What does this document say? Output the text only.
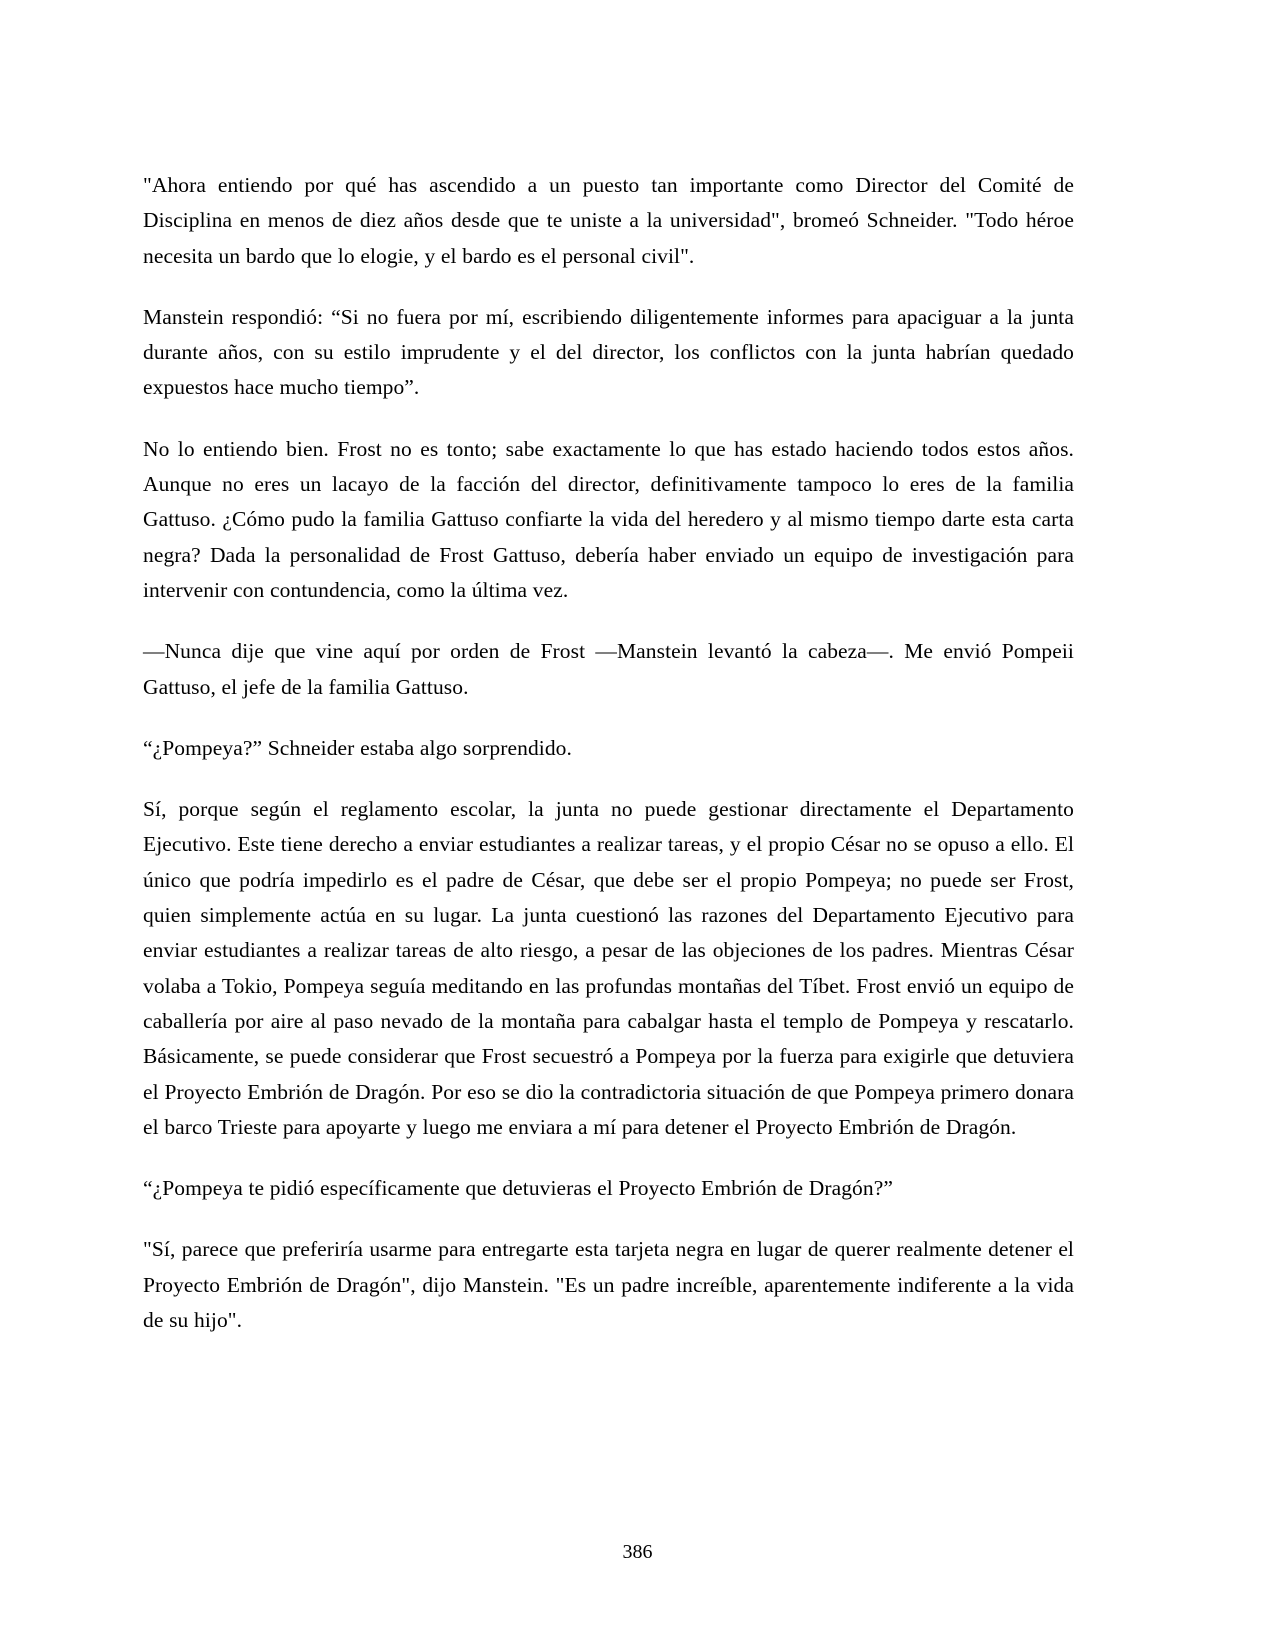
"Ahora entiendo por qué has ascendido a un puesto tan importante como Director del Comité de Disciplina en menos de diez años desde que te uniste a la universidad", bromeó Schneider. "Todo héroe necesita un bardo que lo elogie, y el bardo es el personal civil".

Manstein respondió: “Si no fuera por mí, escribiendo diligentemente informes para apaciguar a la junta durante años, con su estilo imprudente y el del director, los conflictos con la junta habrían quedado expuestos hace mucho tiempo”.

No lo entiendo bien. Frost no es tonto; sabe exactamente lo que has estado haciendo todos estos años. Aunque no eres un lacayo de la facción del director, definitivamente tampoco lo eres de la familia Gattuso. ¿Cómo pudo la familia Gattuso confiarte la vida del heredero y al mismo tiempo darte esta carta negra? Dada la personalidad de Frost Gattuso, debería haber enviado un equipo de investigación para intervenir con contundencia, como la última vez.

—Nunca dije que vine aquí por orden de Frost —Manstein levantó la cabeza—. Me envió Pompeii Gattuso, el jefe de la familia Gattuso.

“¿Pompeya?” Schneider estaba algo sorprendido.

Sí, porque según el reglamento escolar, la junta no puede gestionar directamente el Departamento Ejecutivo. Este tiene derecho a enviar estudiantes a realizar tareas, y el propio César no se opuso a ello. El único que podría impedirlo es el padre de César, que debe ser el propio Pompeya; no puede ser Frost, quien simplemente actúa en su lugar. La junta cuestionó las razones del Departamento Ejecutivo para enviar estudiantes a realizar tareas de alto riesgo, a pesar de las objeciones de los padres. Mientras César volaba a Tokio, Pompeya seguía meditando en las profundas montañas del Tíbet. Frost envió un equipo de caballería por aire al paso nevado de la montaña para cabalgar hasta el templo de Pompeya y rescatarlo. Básicamente, se puede considerar que Frost secuestró a Pompeya por la fuerza para exigirle que detuviera el Proyecto Embrión de Dragón. Por eso se dio la contradictoria situación de que Pompeya primero donara el barco Trieste para apoyarte y luego me enviara a mí para detener el Proyecto Embrión de Dragón.

“¿Pompeya te pidió específicamente que detuvieras el Proyecto Embrión de Dragón?”

"Sí, parece que preferiría usarme para entregarte esta tarjeta negra en lugar de querer realmente detener el Proyecto Embrión de Dragón", dijo Manstein. "Es un padre increíble, aparentemente indiferente a la vida de su hijo".

386
